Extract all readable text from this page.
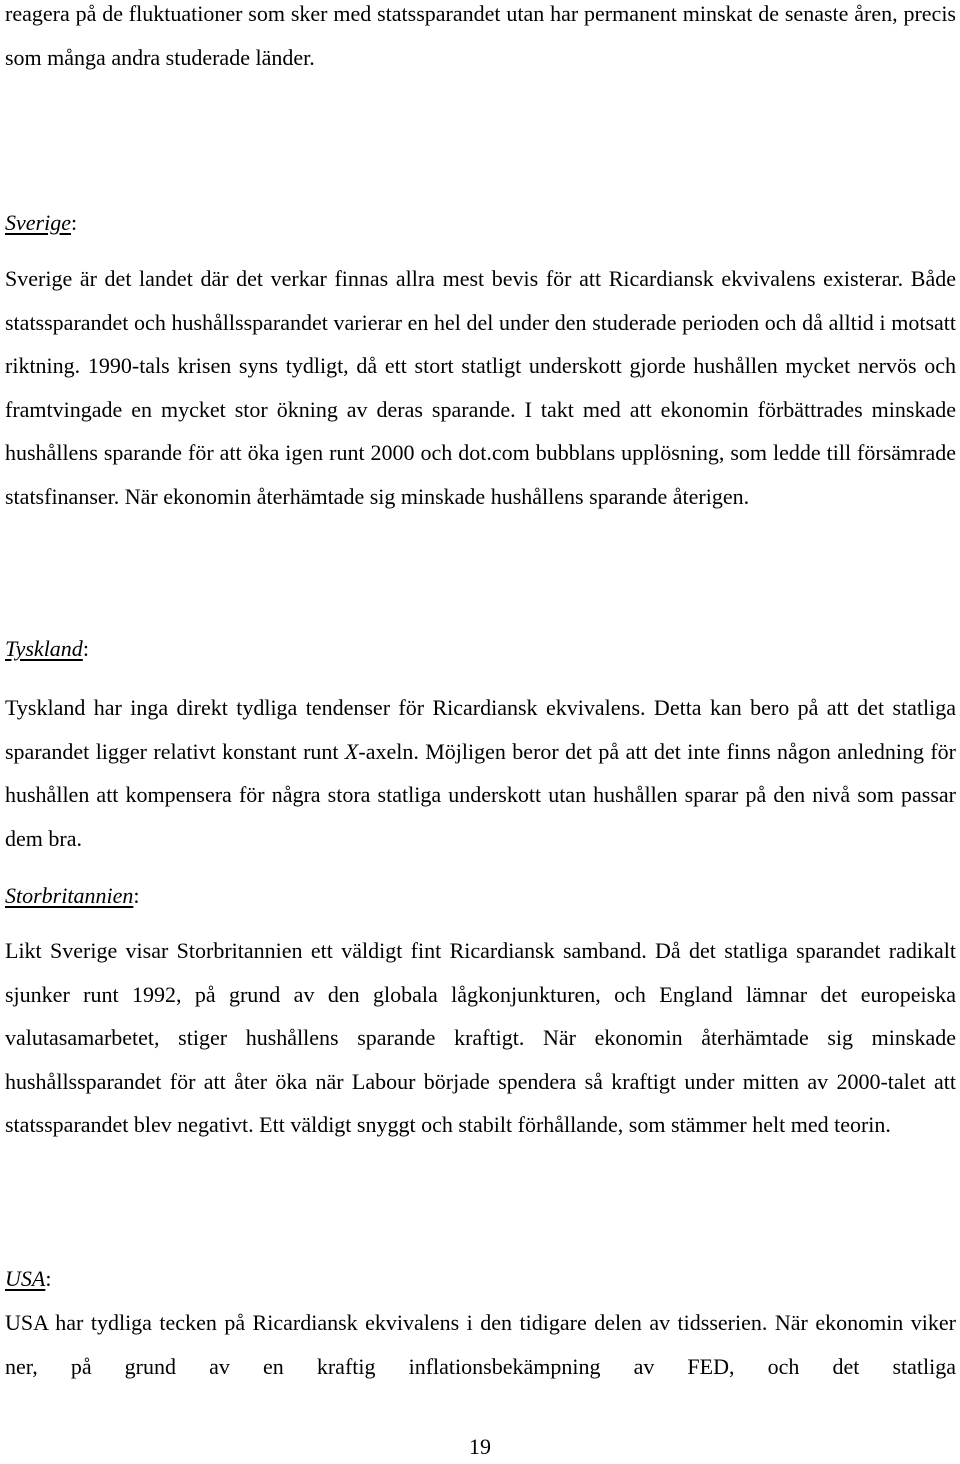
reagera på de fluktuationer som sker med statssparandet utan har permanent minskat de senaste åren, precis som många andra studerade länder.

Sverige:

Sverige är det landet där det verkar finnas allra mest bevis för att Ricardiansk ekvivalens existerar. Både statssparandet och hushållssparandet varierar en hel del under den studerade perioden och då alltid i motsatt riktning. 1990-tals krisen syns tydligt, då ett stort statligt underskott gjorde hushållen mycket nervös och framtvingade en mycket stor ökning av deras sparande. I takt med att ekonomin förbättrades minskade hushållens sparande för att öka igen runt 2000 och dot.com bubblans upplösning, som ledde till försämrade statsfinanser. När ekonomin återhämtade sig minskade hushållens sparande återigen.

Tyskland:

Tyskland har inga direkt tydliga tendenser för Ricardiansk ekvivalens. Detta kan bero på att det statliga sparandet ligger relativt konstant runt X-axeln. Möjligen beror det på att det inte finns någon anledning för hushållen att kompensera för några stora statliga underskott utan hushållen sparar på den nivå som passar dem bra.

Storbritannien:

Likt Sverige visar Storbritannien ett väldigt fint Ricardiansk samband. Då det statliga sparandet radikalt sjunker runt 1992, på grund av den globala lågkonjunkturen, och England lämnar det europeiska valutasamarbetet, stiger hushållens sparande kraftigt. När ekonomin återhämtade sig minskade hushållssparandet för att åter öka när Labour började spendera så kraftigt under mitten av 2000-talet att statssparandet blev negativt. Ett väldigt snyggt och stabilt förhållande, som stämmer helt med teorin.

USA:

USA har tydliga tecken på Ricardiansk ekvivalens i den tidigare delen av tidsserien. När ekonomin viker ner, på grund av en kraftig inflationsbekämpning av FED, och det statliga

19
